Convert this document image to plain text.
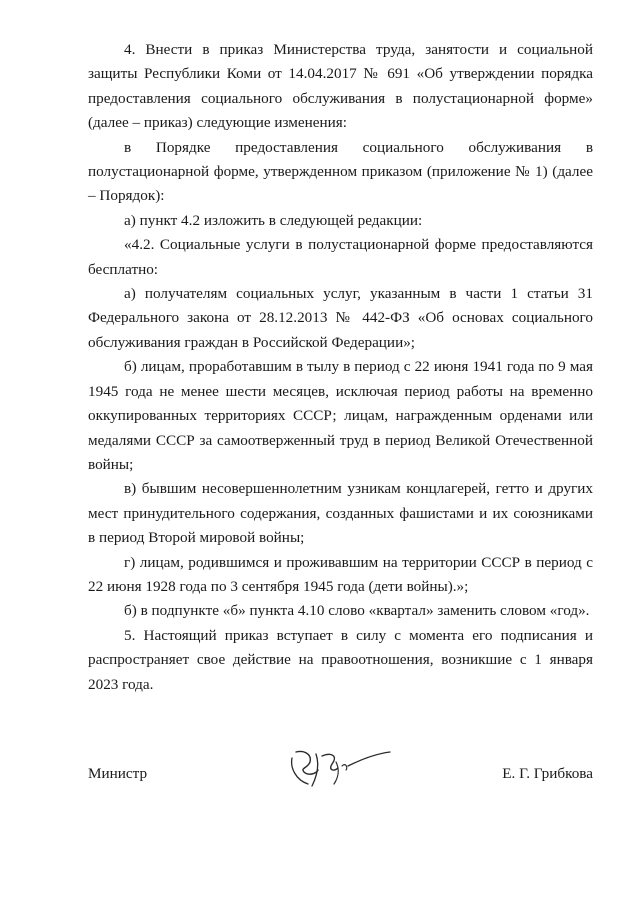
4. Внести в приказ Министерства труда, занятости и социальной защиты Республики Коми от 14.04.2017 № 691 «Об утверждении порядка предоставления социального обслуживания в полустационарной форме» (далее – приказ) следующие изменения:

в Порядке предоставления социального обслуживания в полустационарной форме, утвержденном приказом (приложение № 1) (далее – Порядок):

а) пункт 4.2 изложить в следующей редакции:

«4.2. Социальные услуги в полустационарной форме предоставляются бесплатно:

а) получателям социальных услуг, указанным в части 1 статьи 31 Федерального закона от 28.12.2013 № 442-ФЗ «Об основах социального обслуживания граждан в Российской Федерации»;

б) лицам, проработавшим в тылу в период с 22 июня 1941 года по 9 мая 1945 года не менее шести месяцев, исключая период работы на временно оккупированных территориях СССР; лицам, награжденным орденами или медалями СССР за самоотверженный труд в период Великой Отечественной войны;

в) бывшим несовершеннолетним узникам концлагерей, гетто и других мест принудительного содержания, созданных фашистами и их союзниками в период Второй мировой войны;

г) лицам, родившимся и проживавшим на территории СССР в период с 22 июня 1928 года по 3 сентября 1945 года (дети войны).»;

б) в подпункте «б» пункта 4.10 слово «квартал» заменить словом «год».

5. Настоящий приказ вступает в силу с момента его подписания и распространяет свое действие на правоотношения, возникшие с 1 января 2023 года.

Министр	Е. Г. Грибкова
